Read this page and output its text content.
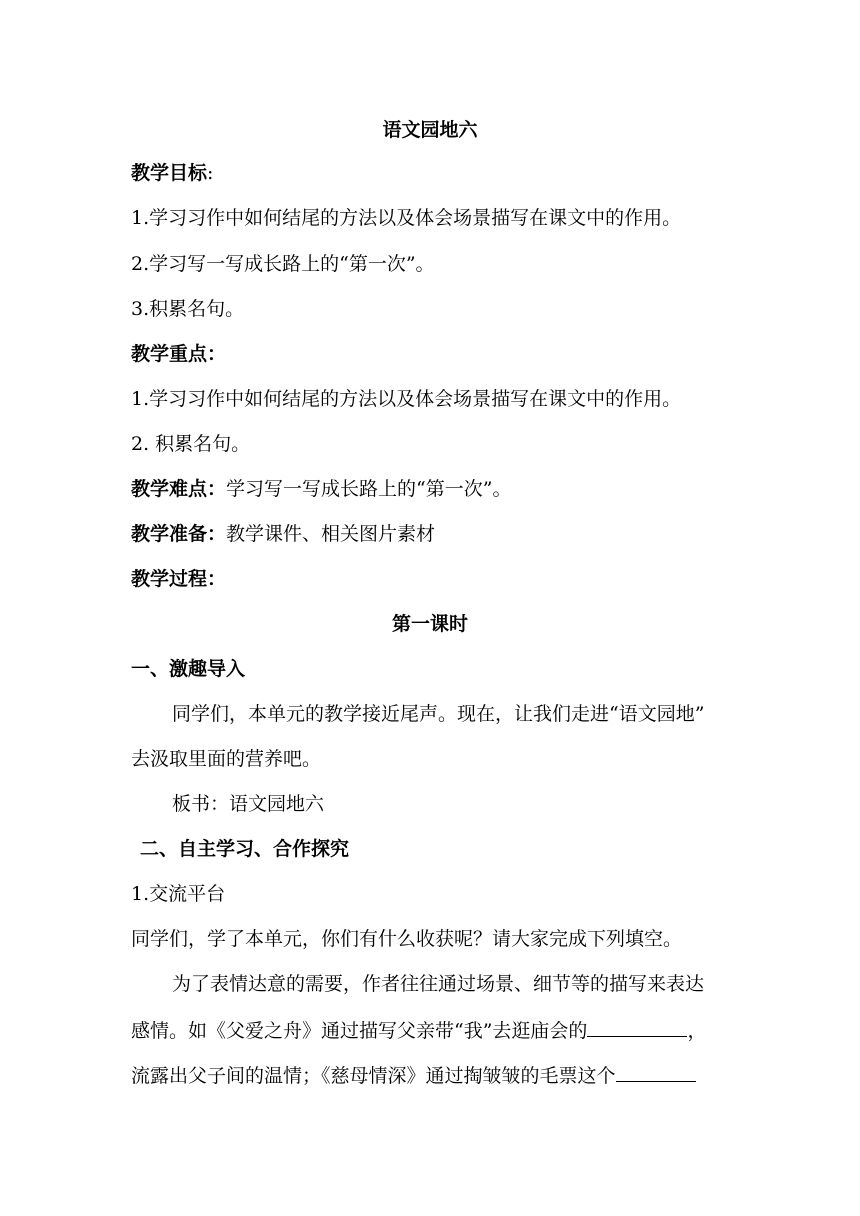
语文园地六
教学目标:
1.学习习作中如何结尾的方法以及体会场景描写在课文中的作用。
2.学习写一写成长路上的“第一次”。
3.积累名句。
教学重点：
1.学习习作中如何结尾的方法以及体会场景描写在课文中的作用。
2. 积累名句。
教学难点：学习写一写成长路上的“第一次”。
教学准备：教学课件、相关图片素材
教学过程：
第一课时
一、激趣导入
同学们，本单元的教学接近尾声。现在，让我们走进“语文园地”
去汲取里面的营养吧。
板书：语文园地六
二、自主学习、合作探究
1.交流平台
同学们，学了本单元，你们有什么收获呢？请大家完成下列填空。
为了表情达意的需要，作者往往通过场景、细节等的描写来表达
感情。如《父爱之舟》通过描写父亲带“我”去逛庙会的	，
流露出父子间的温情；《慈母情深》通过掏皱皱的毛票这个
